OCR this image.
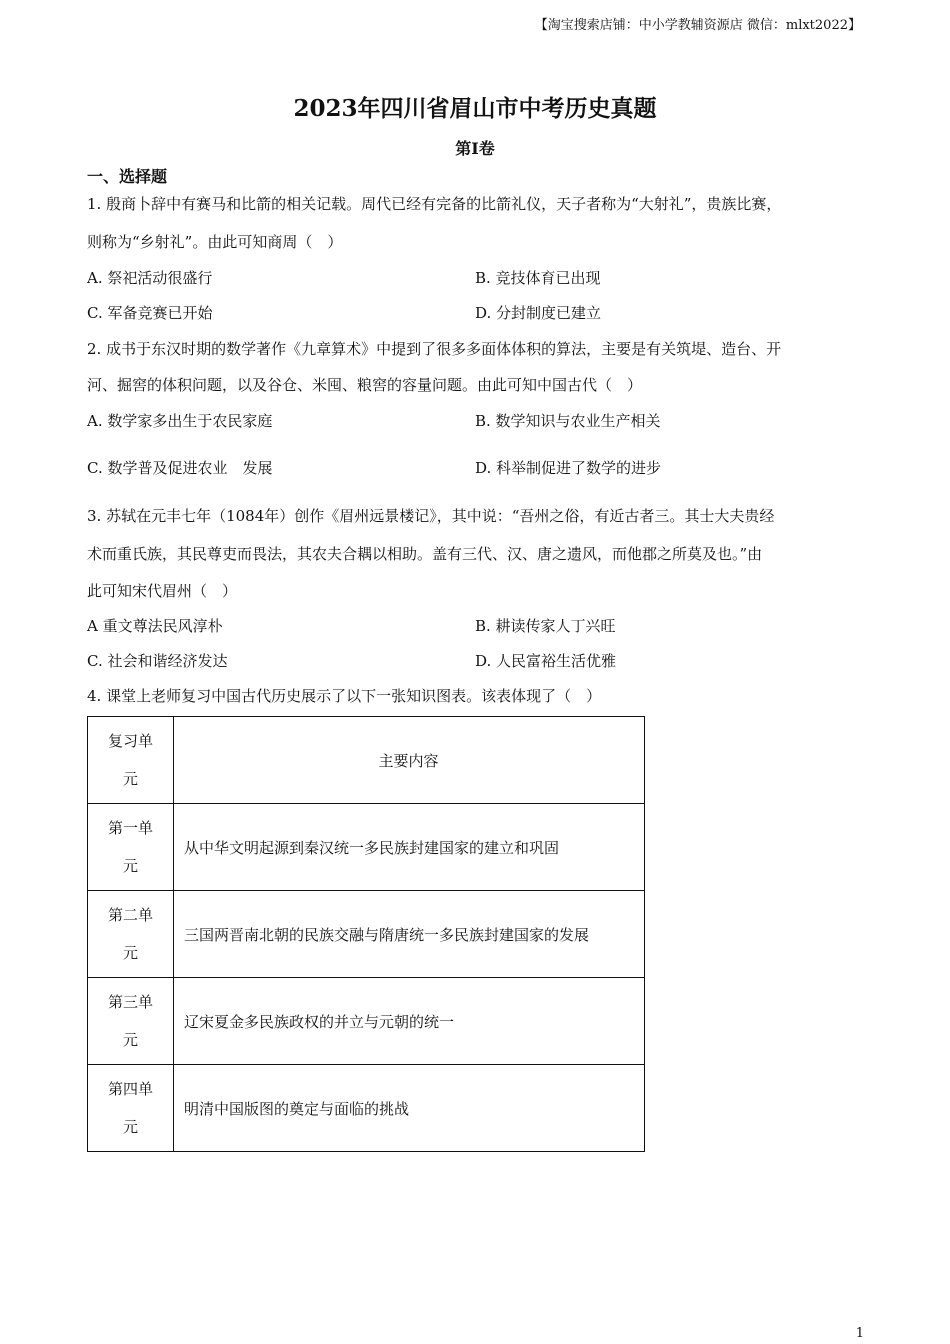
【淘宝搜索店铺：中小学教辅资源店 微信：mlxt2022】
2023年四川省眉山市中考历史真题
第I卷
一、选择题
1. 殷商卜辞中有赛马和比箭的相关记载。周代已经有完备的比箭礼仪，天子者称为“大射礼”，贵族比赛，
则称为“乡射礼”。由此可知商周（　）
A. 祭祀活动很盛行	B. 竞技体育已出现
C. 军备竞赛已开始	D. 分封制度已建立
2. 成书于东汉时期的数学著作《九章算术》中提到了很多多面体体积的算法，主要是有关筑堤、造台、开
河、掘窖的体积问题，以及谷仓、米囤、粮窖的容量问题。由此可知中国古代（　）
A. 数学家多出生于农民家庭	B. 数学知识与农业生产相关
C. 数学普及促进农业　发展	D. 科举制促进了数学的进步
3. 苏轼在元丰七年（1084年）创作《眉州远景楼记》，其中说：“吾州之俗，有近古者三。其士大夫贵经
术而重氏族，其民尊吏而畏法，其农夫合耦以相助。盖有三代、汉、唐之遗风，而他郡之所莫及也。”由
此可知宋代眉州（　）
A 重文尊法民风淳朴	B. 耕读传家人丁兴旺
C. 社会和谐经济发达	D. 人民富裕生活优雅
4. 课堂上老师复习中国古代历史展示了以下一张知识图表。该表体现了（　）
复习单元	主要内容

第一单元	从中华文明起源到秦汉统一多民族封建国家的建立和巩固

第二单元	三国两晋南北朝的民族交融与隋唐统一多民族封建国家的发展

第三单元	辽宋夏金多民族政权的并立与元朝的统一

第四单元	明清中国版图的奠定与面临的挑战
1
